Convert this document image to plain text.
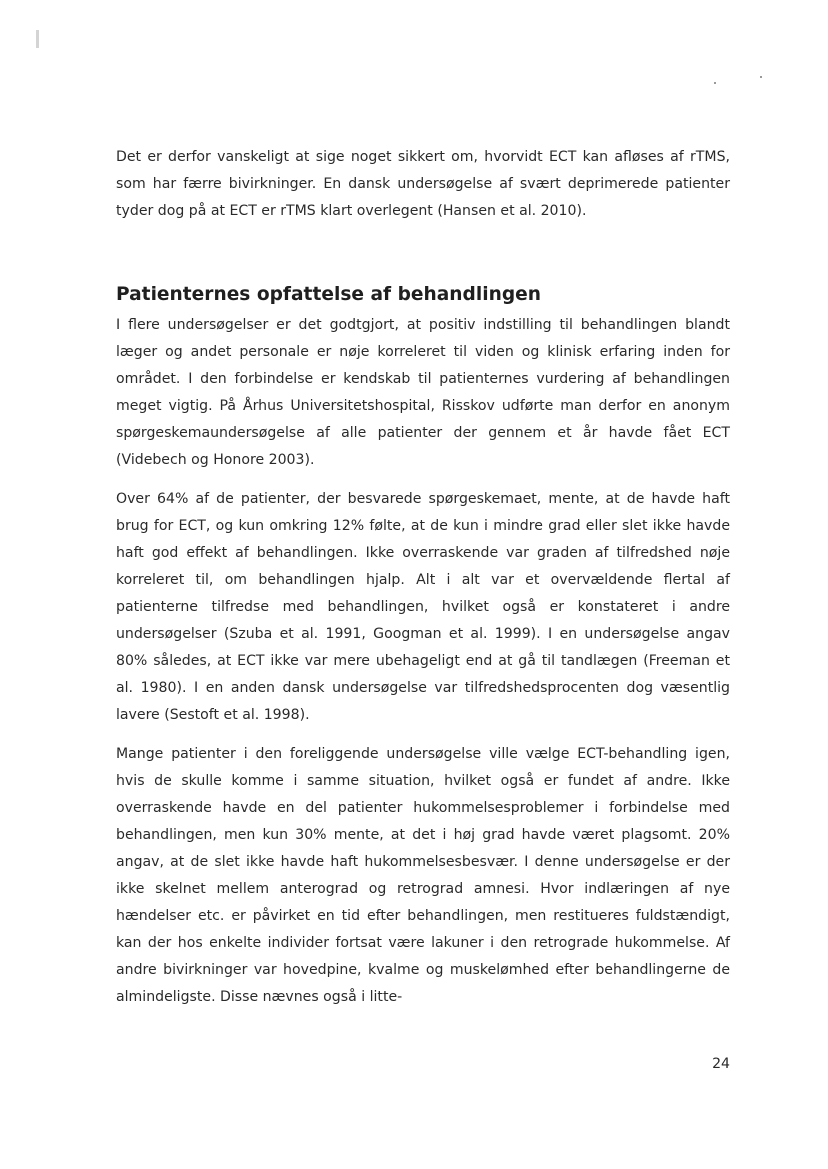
Det er derfor vanskeligt at sige noget sikkert om, hvorvidt ECT kan afløses af rTMS, som har færre bivirkninger. En dansk undersøgelse af svært deprimerede patienter tyder dog på at ECT er rTMS klart overlegent (Hansen et al. 2010).

Patienternes opfattelse af behandlingen

I flere undersøgelser er det godtgjort, at positiv indstilling til behandlingen blandt læger og andet personale er nøje korreleret til viden og klinisk erfaring inden for området. I den forbindelse er kendskab til patienternes vurdering af behandlingen meget vigtig. På Århus Universitetshospital, Risskov udførte man derfor en anonym spørgeskemaundersøgelse af alle patienter der gennem et år havde fået ECT (Videbech og Honore 2003).

Over 64% af de patienter, der besvarede spørgeskemaet, mente, at de havde haft brug for ECT, og kun omkring 12% følte, at de kun i mindre grad eller slet ikke havde haft god effekt af behandlingen. Ikke overraskende var graden af tilfredshed nøje korreleret til, om behandlingen hjalp. Alt i alt var et overvældende flertal af patienterne tilfredse med behandlingen, hvilket også er konstateret i andre undersøgelser (Szuba et al. 1991, Googman et al. 1999). I en undersøgelse angav 80% således, at ECT ikke var mere ubehageligt end at gå til tandlægen (Freeman et al. 1980). I en anden dansk undersøgelse var tilfredshedsprocenten dog væsentlig lavere (Sestoft et al. 1998).

Mange patienter i den foreliggende undersøgelse ville vælge ECT-behandling igen, hvis de skulle komme i samme situation, hvilket også er fundet af andre. Ikke overraskende havde en del patienter hukommelsesproblemer i forbindelse med behandlingen, men kun 30% mente, at det i høj grad havde været plagsomt. 20% angav, at de slet ikke havde haft hukommelsesbesvær. I denne undersøgelse er der ikke skelnet mellem anterograd og retrograd amnesi. Hvor indlæringen af nye hændelser etc. er påvirket en tid efter behandlingen, men restitueres fuldstændigt, kan der hos enkelte individer fortsat være lakuner i den retrograde hukommelse. Af andre bivirkninger var hovedpine, kvalme og muskelømhed efter behandlingerne de almindeligste. Disse nævnes også i litte-

24
